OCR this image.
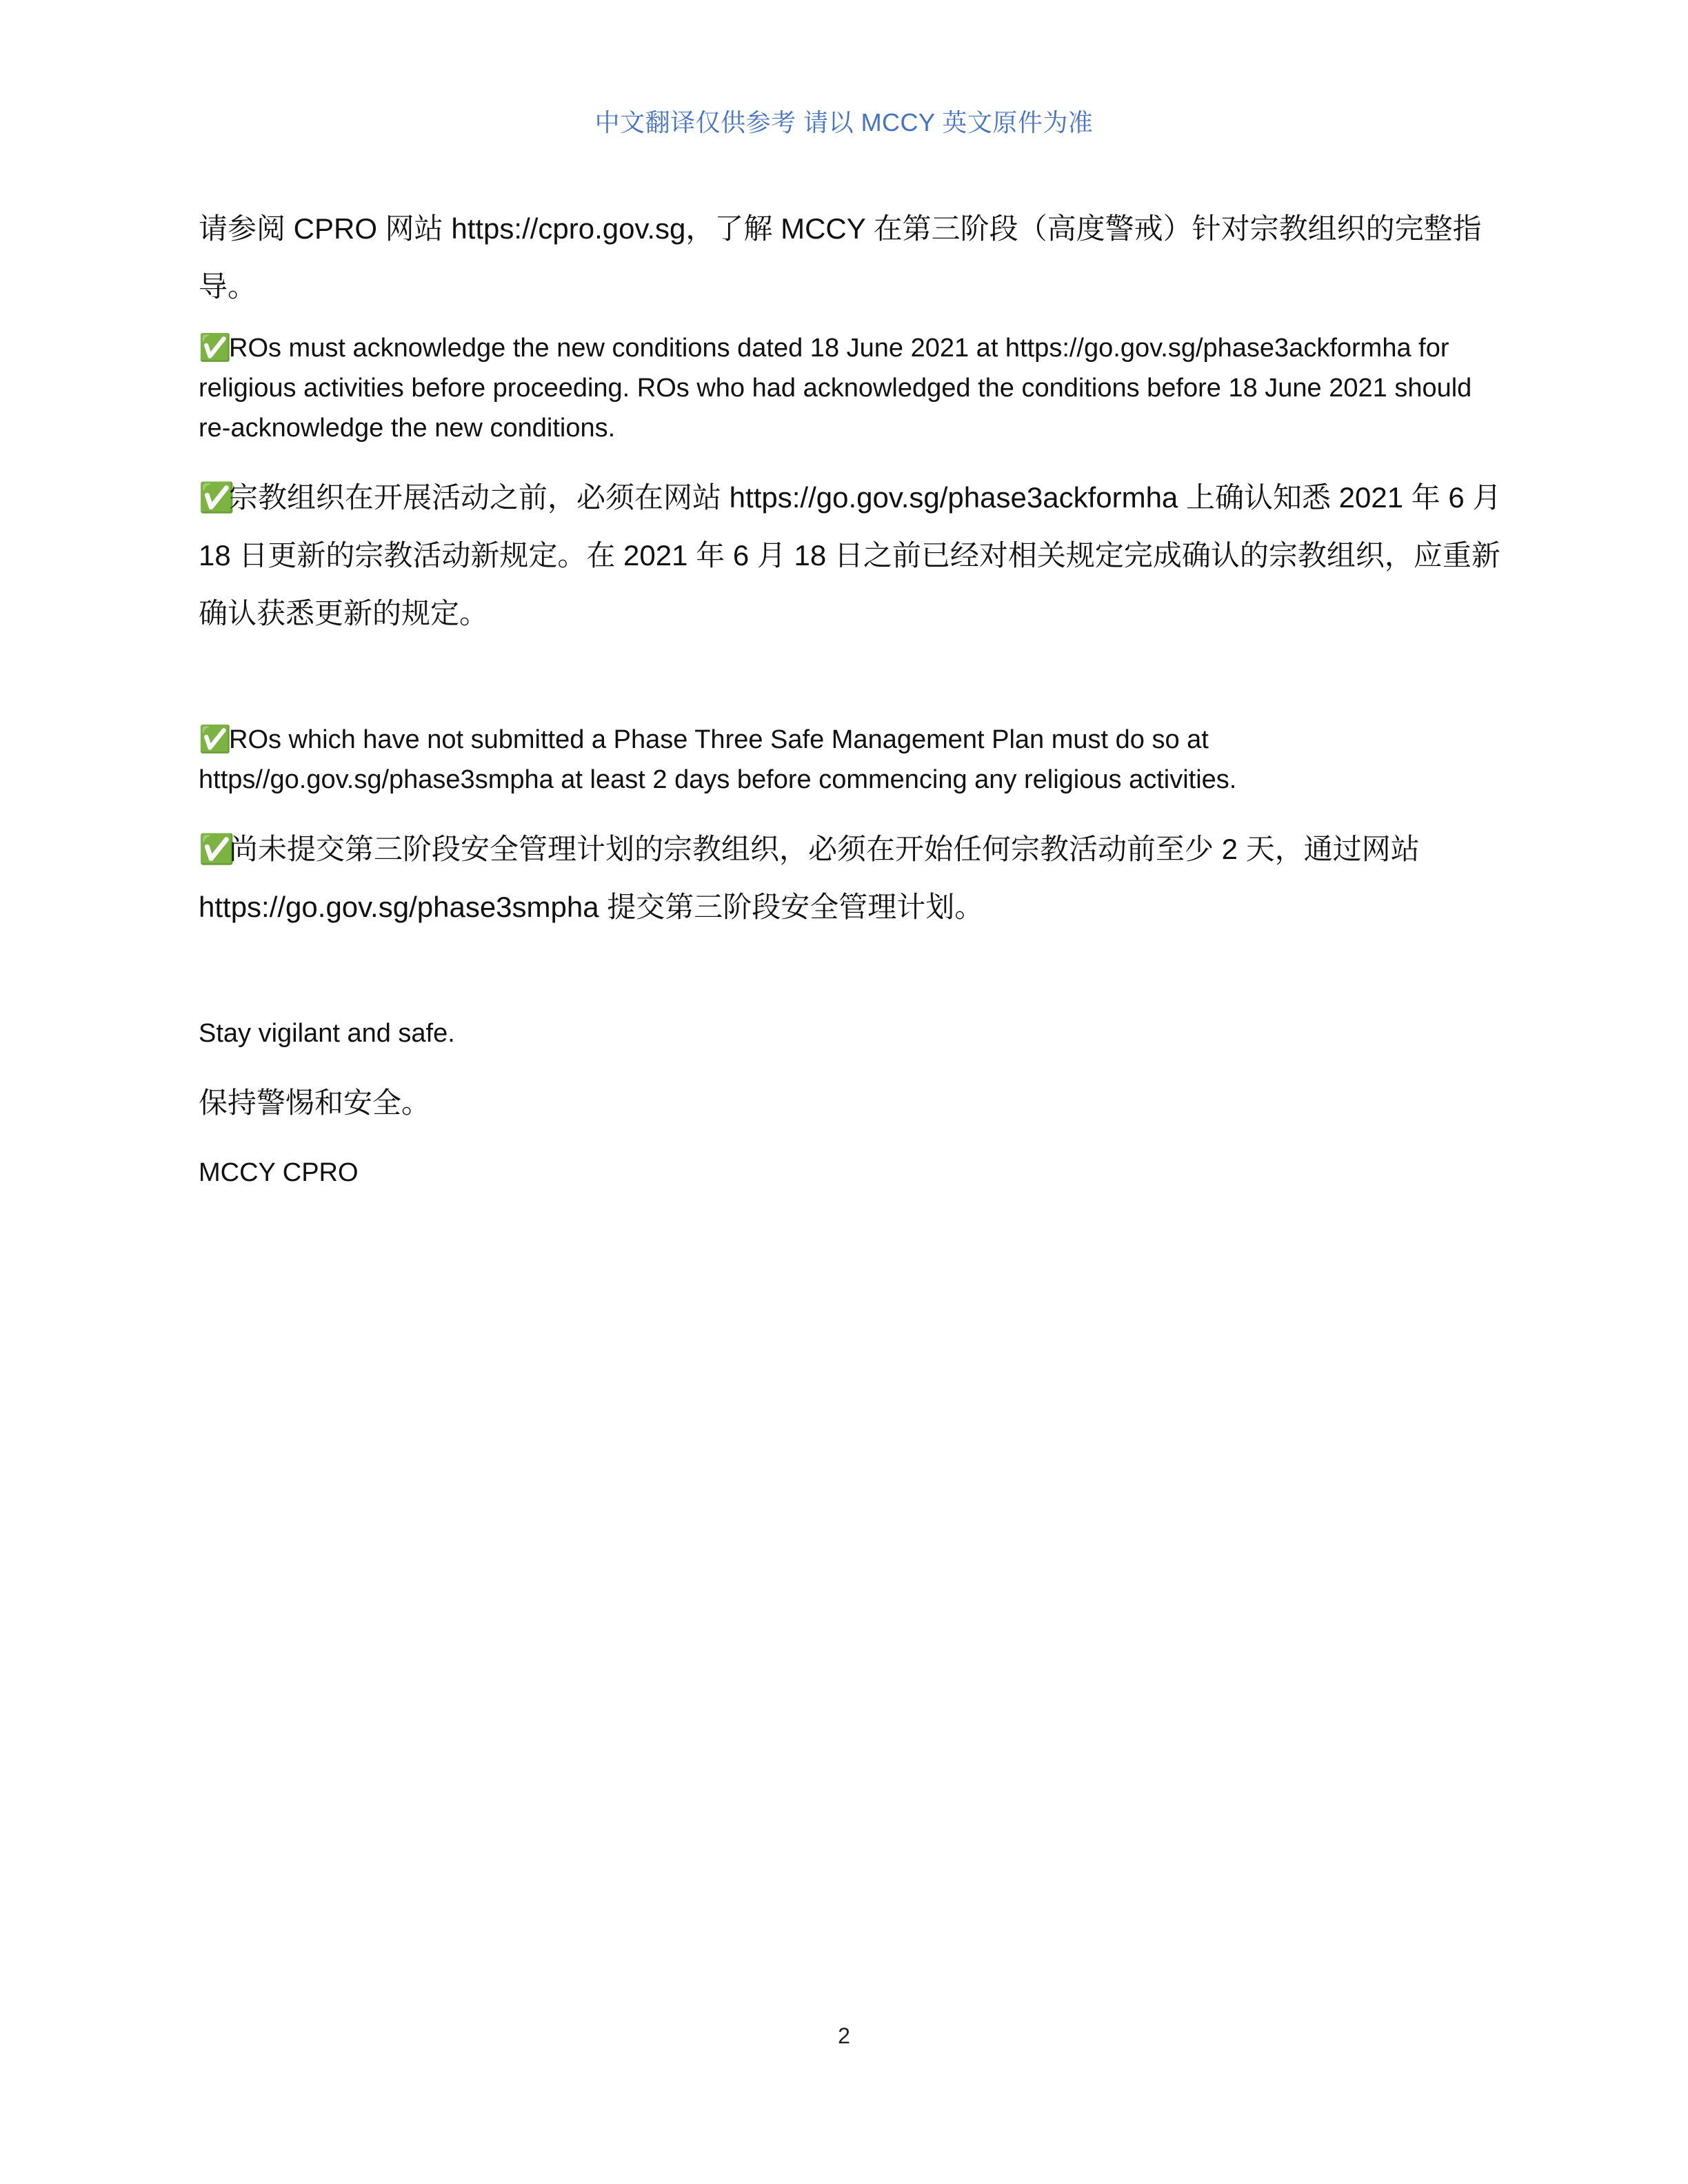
中文翻译仅供参考 请以 MCCY 英文原件为准

请参阅 CPRO 网站 https://cpro.gov.sg，了解 MCCY 在第三阶段（高度警戒）针对宗教组织的完整指导。

✅ROs must acknowledge the new conditions dated 18 June 2021 at https://go.gov.sg/phase3ackformha for religious activities before proceeding. ROs who had acknowledged the conditions before 18 June 2021 should re-acknowledge the new conditions.

✅宗教组织在开展活动之前，必须在网站 https://go.gov.sg/phase3ackformha 上确认知悉 2021 年 6 月 18 日更新的宗教活动新规定。在 2021 年 6 月 18 日之前已经对相关规定完成确认的宗教组织，应重新确认获悉更新的规定。

✅ROs which have not submitted a Phase Three Safe Management Plan must do so at https//go.gov.sg/phase3smpha at least 2 days before commencing any religious activities.

✅尚未提交第三阶段安全管理计划的宗教组织，必须在开始任何宗教活动前至少 2 天，通过网站 https://go.gov.sg/phase3smpha 提交第三阶段安全管理计划。

Stay vigilant and safe.

保持警惕和安全。

MCCY CPRO

2
